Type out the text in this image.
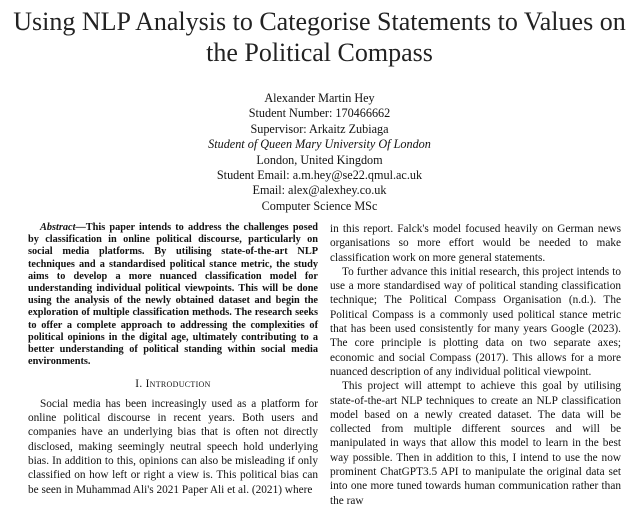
Using NLP Analysis to Categorise Statements to Values on the Political Compass
Alexander Martin Hey
Student Number: 170466662
Supervisor: Arkaitz Zubiaga
Student of Queen Mary University Of London
London, United Kingdom
Student Email: a.m.hey@se22.qmul.ac.uk
Email: alex@alexhey.co.uk
Computer Science MSc

Abstract—This paper intends to address the challenges posed by classification in online political discourse, particularly on social media platforms. By utilising state-of-the-art NLP techniques and a standardised political stance metric, the study aims to develop a more nuanced classification model for understanding individual political viewpoints. This will be done using the analysis of the newly obtained dataset and begin the exploration of multiple classification methods. The research seeks to offer a complete approach to addressing the complexities of political opinions in the digital age, ultimately contributing to a better understanding of political standing within social media environments.

I. Introduction

Social media has been increasingly used as a platform for online political discourse in recent years. Both users and companies have an underlying bias that is often not directly disclosed, making seemingly neutral speech hold underlying bias. In addition to this, opinions can also be misleading if only classified on how left or right a view is. This political bias can be seen in Muhammad Ali's 2021 Paper Ali et al. (2021) where

in this report. Falck's model focused heavily on German news organisations so more effort would be needed to make classification work on more general statements.

To further advance this initial research, this project intends to use a more standardised way of political standing classification technique; The Political Compass Organisation (n.d.). The Political Compass is a commonly used political stance metric that has been used consistently for many years Google (2023). The core principle is plotting data on two separate axes; economic and social Compass (2017). This allows for a more nuanced description of any individual political viewpoint.

This project will attempt to achieve this goal by utilising state-of-the-art NLP techniques to create an NLP classification model based on a newly created dataset. The data will be collected from multiple different sources and will be manipulated in ways that allow this model to learn in the best way possible. Then in addition to this, I intend to use the now prominent ChatGPT3.5 API to manipulate the original data set into one more tuned towards human communication rather than the raw
